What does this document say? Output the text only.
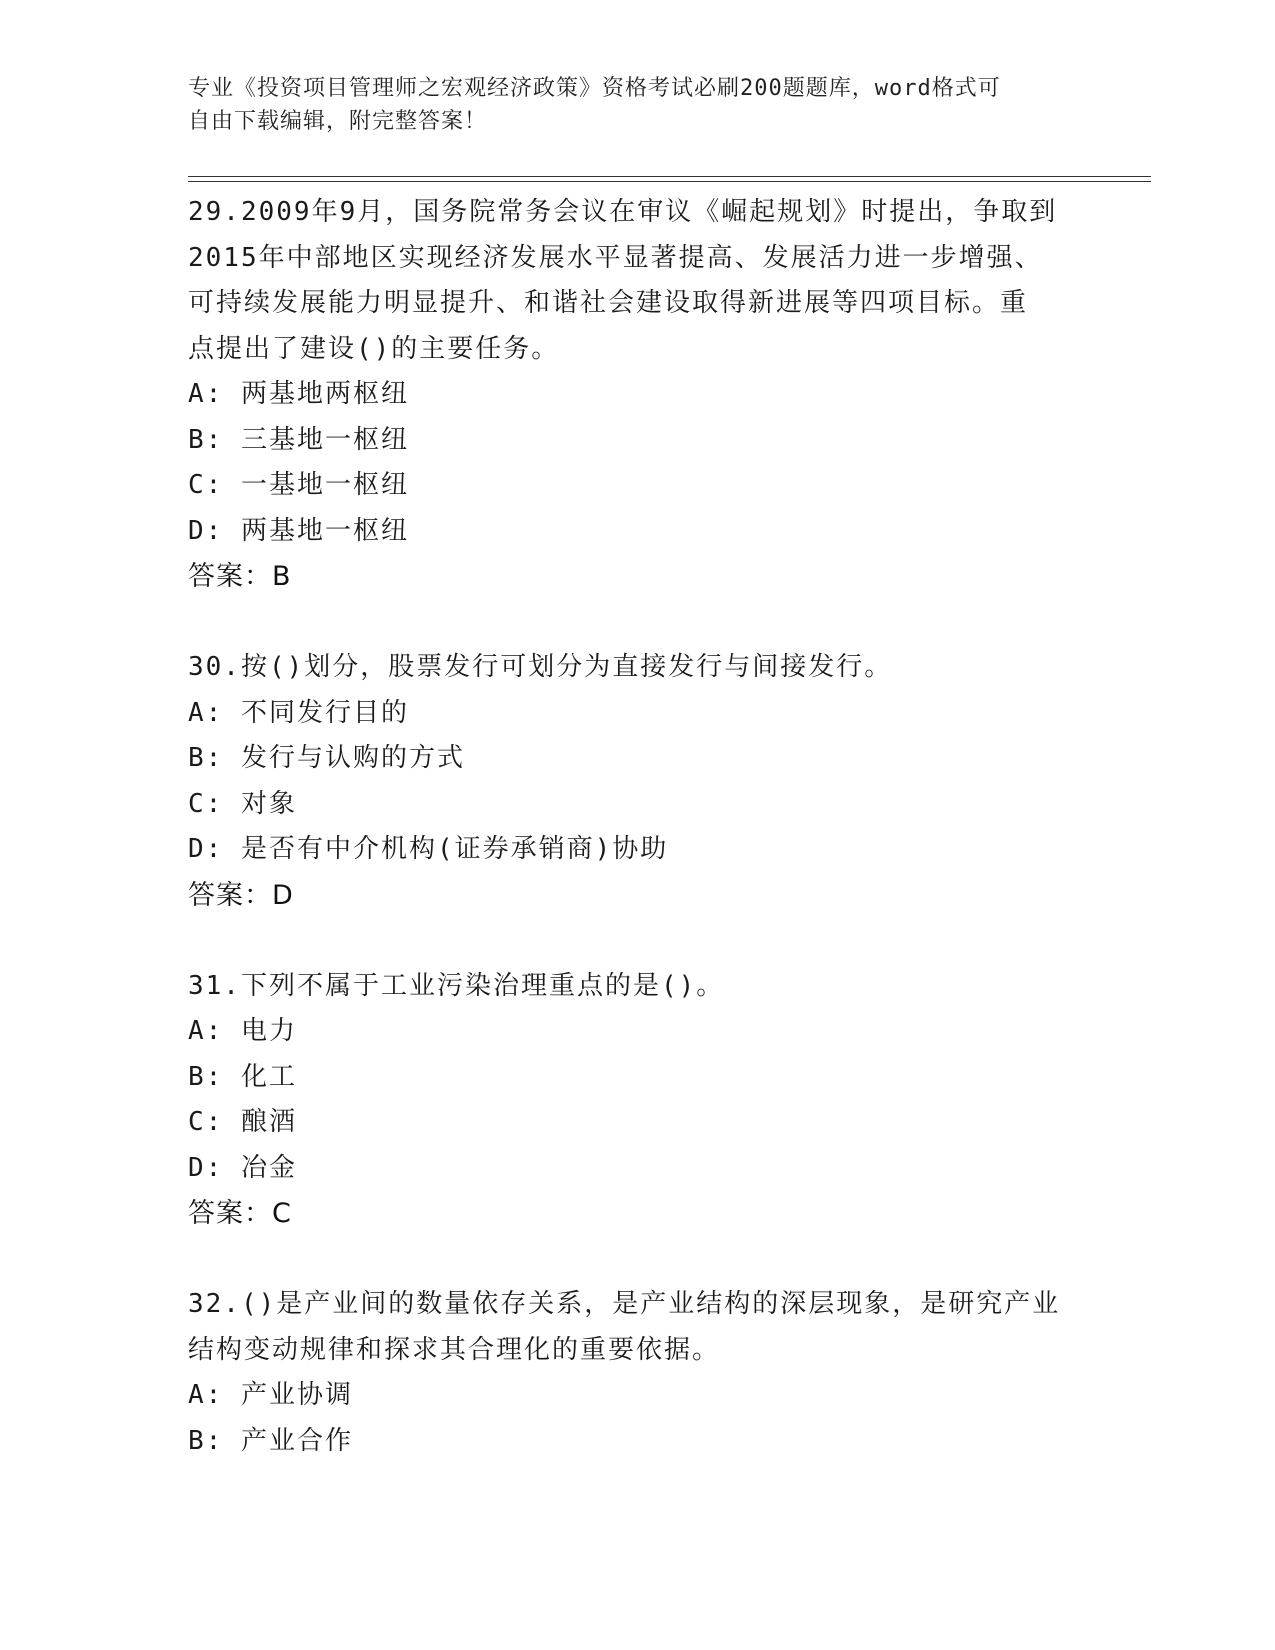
专业《投资项目管理师之宏观经济政策》资格考试必刷200题题库，word格式可
自由下载编辑，附完整答案！
29.2009年9月，国务院常务会议在审议《崛起规划》时提出，争取到
2015年中部地区实现经济发展水平显著提高、发展活力进一步增强、
可持续发展能力明显提升、和谐社会建设取得新进展等四项目标。重
点提出了建设()的主要任务。
A: 两基地两枢纽
B: 三基地一枢纽
C: 一基地一枢纽
D: 两基地一枢纽
答案：B
30.按()划分，股票发行可划分为直接发行与间接发行。
A: 不同发行目的
B: 发行与认购的方式
C: 对象
D: 是否有中介机构(证券承销商)协助
答案：D
31.下列不属于工业污染治理重点的是()。
A: 电力
B: 化工
C: 酿酒
D: 冶金
答案：C
32.()是产业间的数量依存关系，是产业结构的深层现象，是研究产业
结构变动规律和探求其合理化的重要依据。
A: 产业协调
B: 产业合作
